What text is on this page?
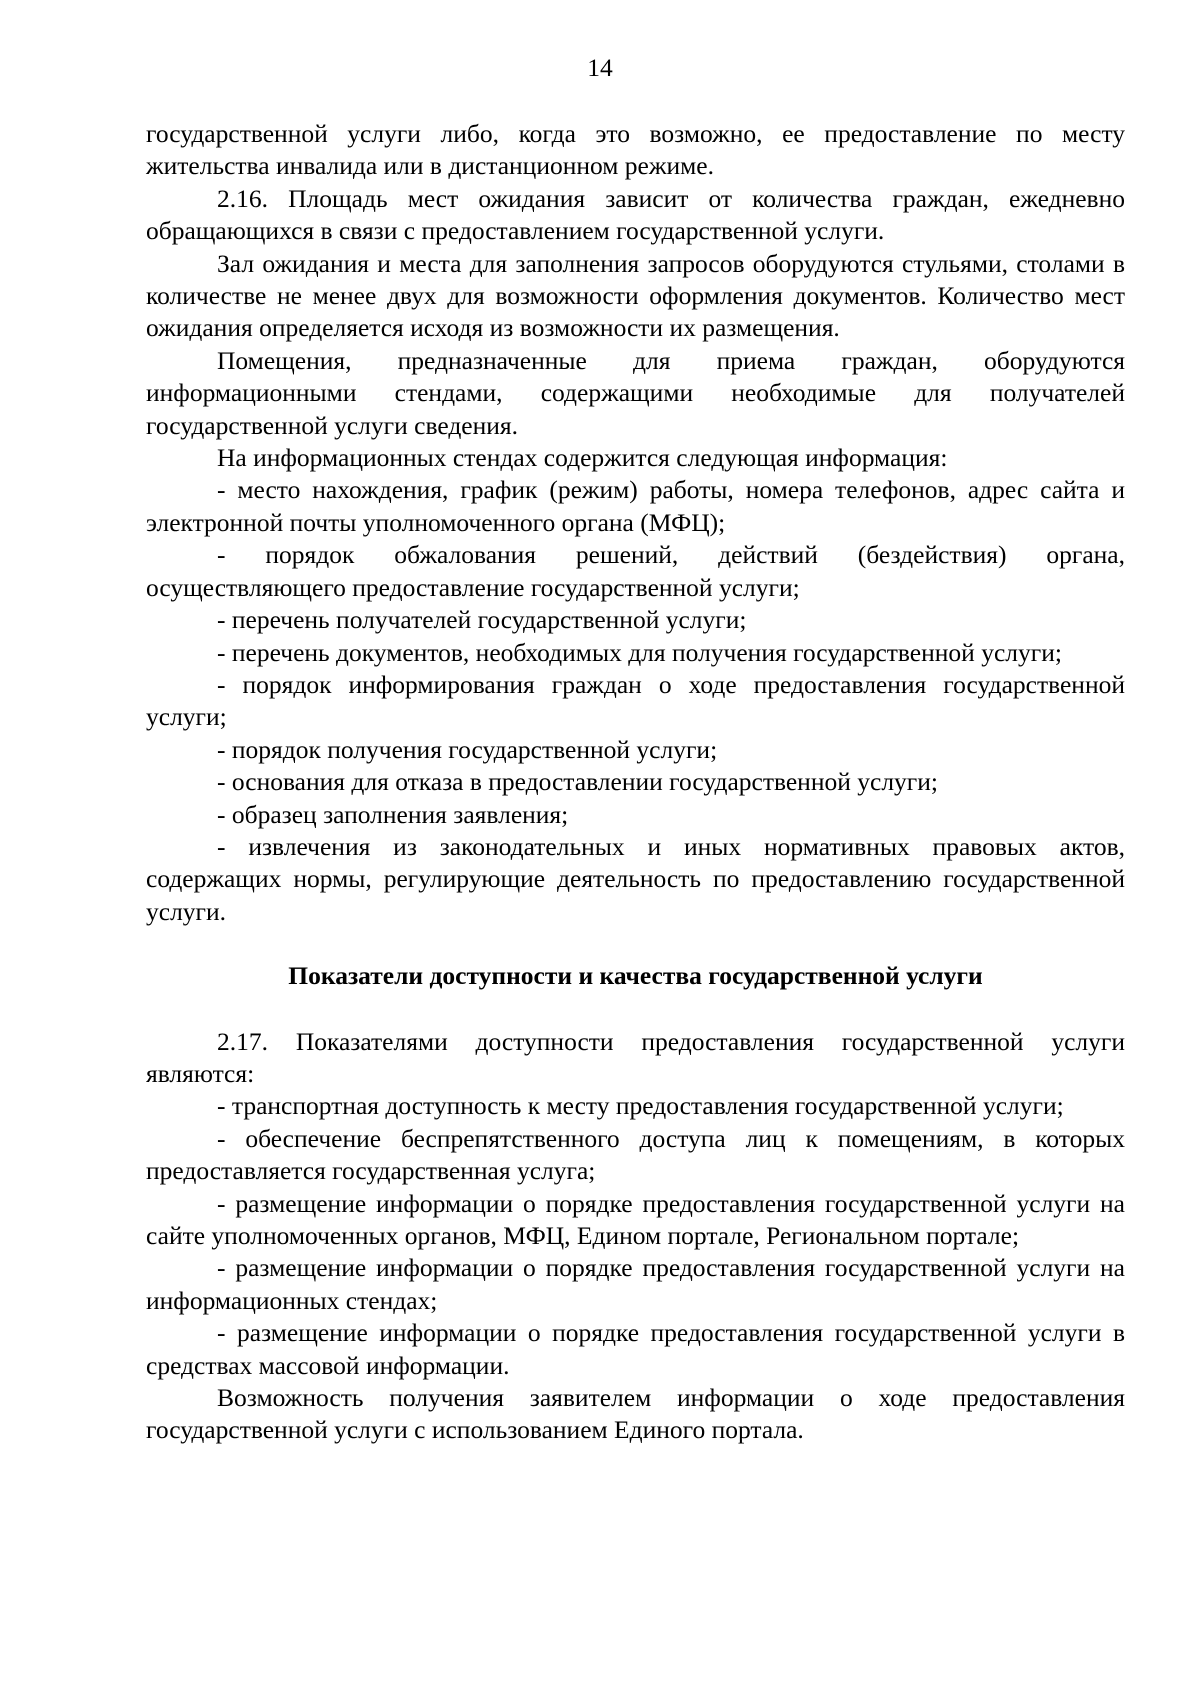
14

государственной услуги либо, когда это возможно, ее предоставление по месту жительства инвалида или в дистанционном режиме.

2.16. Площадь мест ожидания зависит от количества граждан, ежедневно обращающихся в связи с предоставлением государственной услуги.

Зал ожидания и места для заполнения запросов оборудуются стульями, столами в количестве не менее двух для возможности оформления документов. Количество мест ожидания определяется исходя из возможности их размещения.

Помещения, предназначенные для приема граждан, оборудуются информационными стендами, содержащими необходимые для получателей государственной услуги сведения.

На информационных стендах содержится следующая информация:

- место нахождения, график (режим) работы, номера телефонов, адрес сайта и электронной почты уполномоченного органа (МФЦ);

- порядок обжалования решений, действий (бездействия) органа, осуществляющего предоставление государственной услуги;

- перечень получателей государственной услуги;

- перечень документов, необходимых для получения государственной услуги;

- порядок информирования граждан о ходе предоставления государственной услуги;

- порядок получения государственной услуги;

- основания для отказа в предоставлении государственной услуги;

- образец заполнения заявления;

- извлечения из законодательных и иных нормативных правовых актов, содержащих нормы, регулирующие деятельность по предоставлению государственной услуги.

Показатели доступности и качества государственной услуги

2.17. Показателями доступности предоставления государственной услуги являются:

- транспортная доступность к месту предоставления государственной услуги;

- обеспечение беспрепятственного доступа лиц к помещениям, в которых предоставляется государственная услуга;

- размещение информации о порядке предоставления государственной услуги на сайте уполномоченных органов, МФЦ, Едином портале, Региональном портале;

- размещение информации о порядке предоставления государственной услуги на информационных стендах;

- размещение информации о порядке предоставления государственной услуги в средствах массовой информации.

Возможность получения заявителем информации о ходе предоставления государственной услуги с использованием Единого портала.
